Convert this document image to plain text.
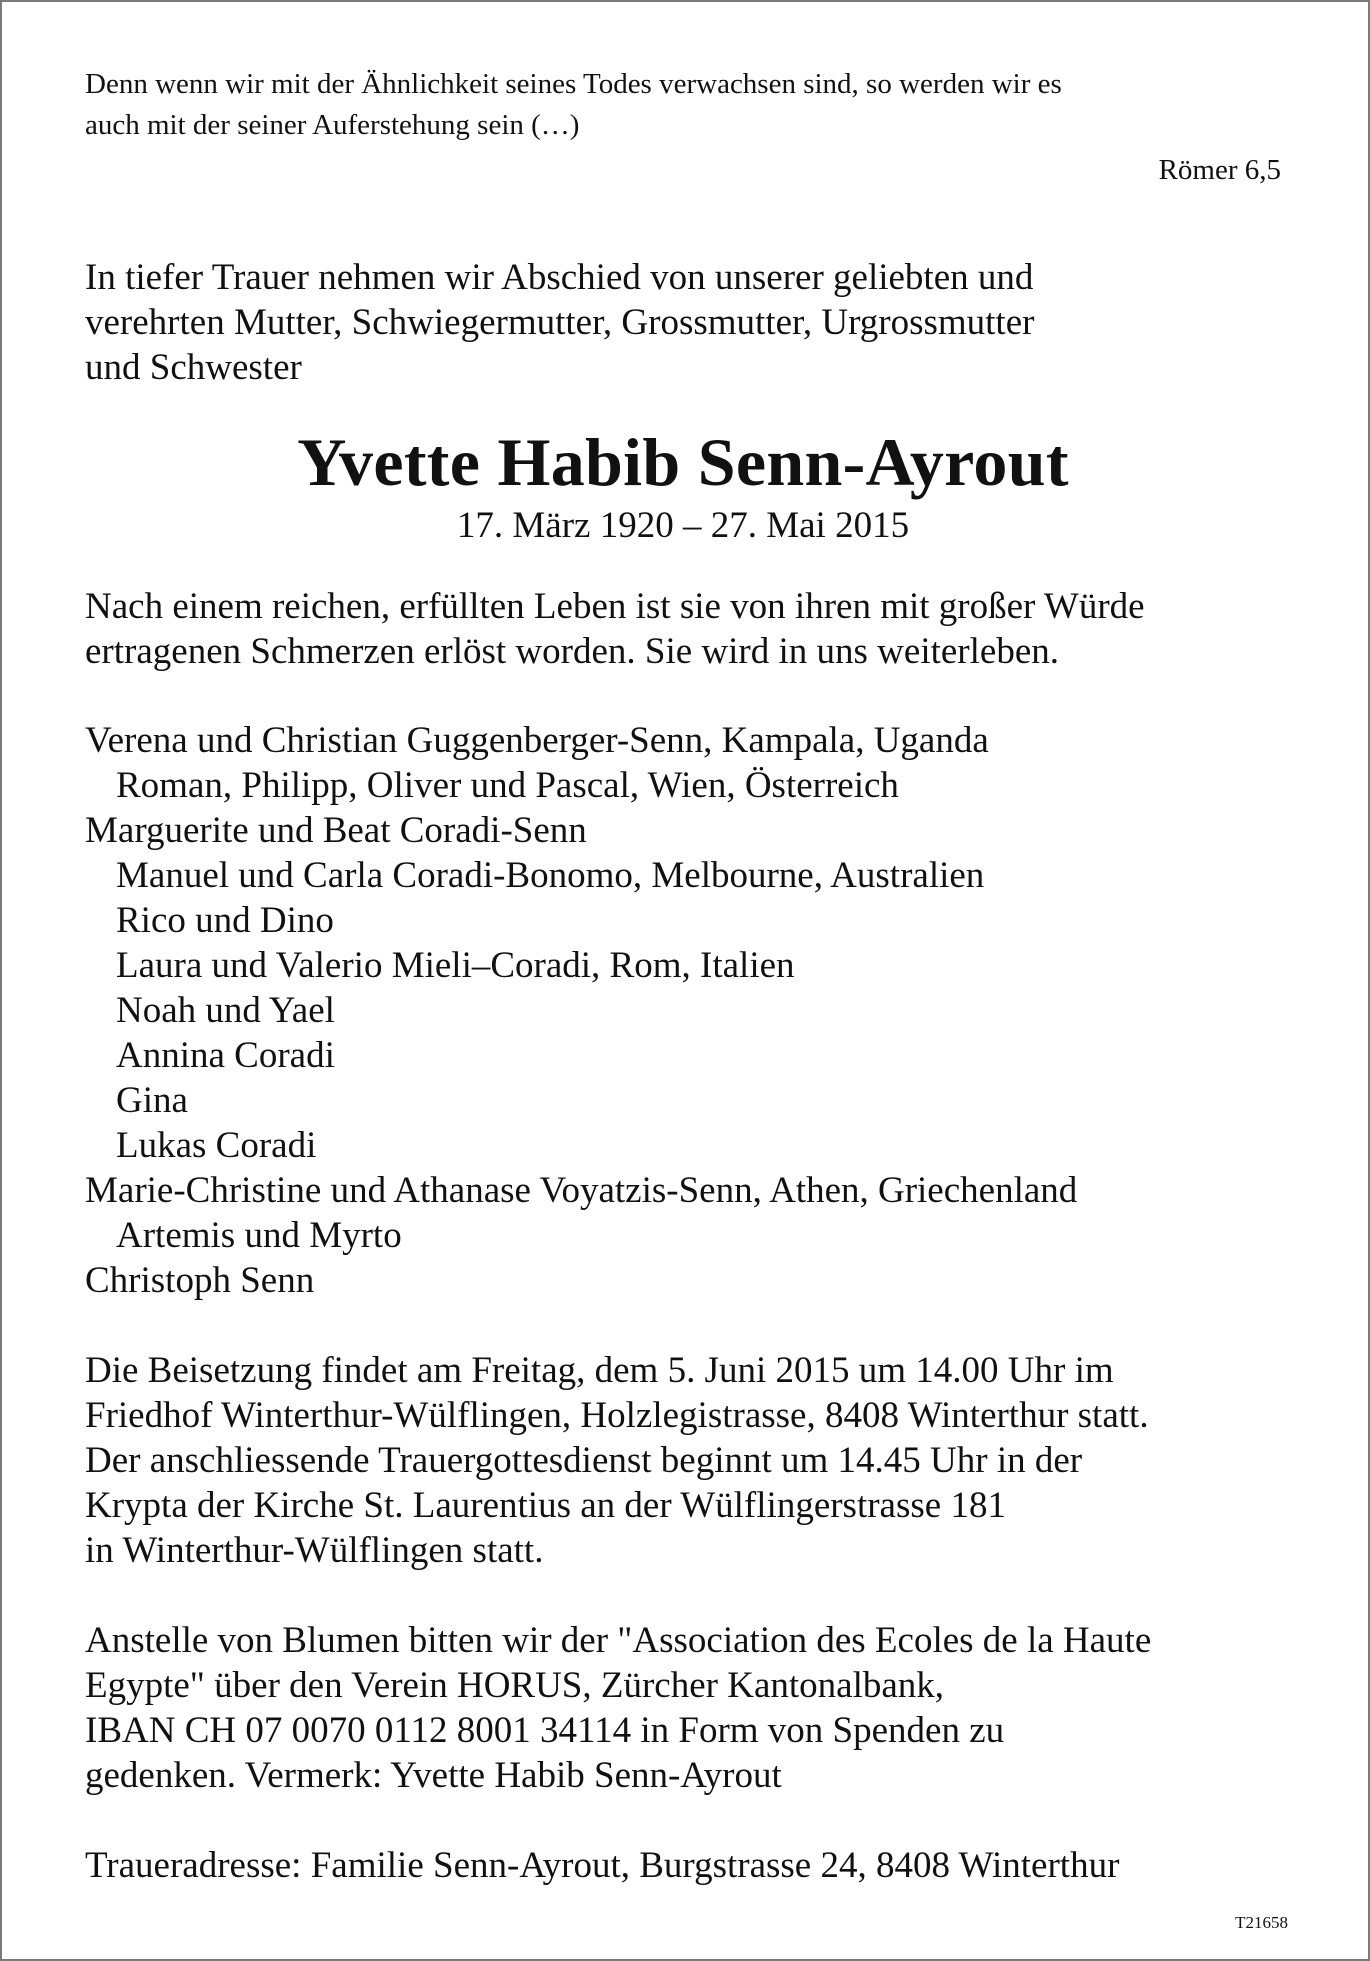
Denn wenn wir mit der Ähnlichkeit seines Todes verwachsen sind, so werden wir es
auch mit der seiner Auferstehung sein (…)

Römer 6,5

In tiefer Trauer nehmen wir Abschied von unserer geliebten und
verehrten Mutter, Schwiegermutter, Grossmutter, Urgrossmutter
und Schwester

Yvette Habib Senn-Ayrout

17. März 1920 – 27. Mai 2015

Nach einem reichen, erfüllten Leben ist sie von ihren mit großer Würde
ertragenen Schmerzen erlöst worden. Sie wird in uns weiterleben.

Verena und Christian Guggenberger-Senn, Kampala, Uganda
Roman, Philipp, Oliver und Pascal, Wien, Österreich
Marguerite und Beat Coradi-Senn
Manuel und Carla Coradi-Bonomo, Melbourne, Australien
Rico und Dino
Laura und Valerio Mieli–Coradi, Rom, Italien
Noah und Yael
Annina Coradi
Gina
Lukas Coradi
Marie-Christine und Athanase Voyatzis-Senn, Athen, Griechenland
Artemis und Myrto
Christoph Senn

Die Beisetzung findet am Freitag, dem 5. Juni 2015 um 14.00 Uhr im
Friedhof Winterthur-Wülflingen, Holzlegistrasse, 8408 Winterthur statt.
Der anschliessende Trauergottesdienst beginnt um 14.45 Uhr in der
Krypta der Kirche St. Laurentius an der Wülflingerstrasse 181
in Winterthur-Wülflingen statt.

Anstelle von Blumen bitten wir der "Association des Ecoles de la Haute
Egypte" über den Verein HORUS, Zürcher Kantonalbank,
IBAN CH 07 0070 0112 8001 34114 in Form von Spenden zu
gedenken. Vermerk: Yvette Habib Senn-Ayrout

Traueradresse: Familie Senn-Ayrout, Burgstrasse 24, 8408 Winterthur

T21658
